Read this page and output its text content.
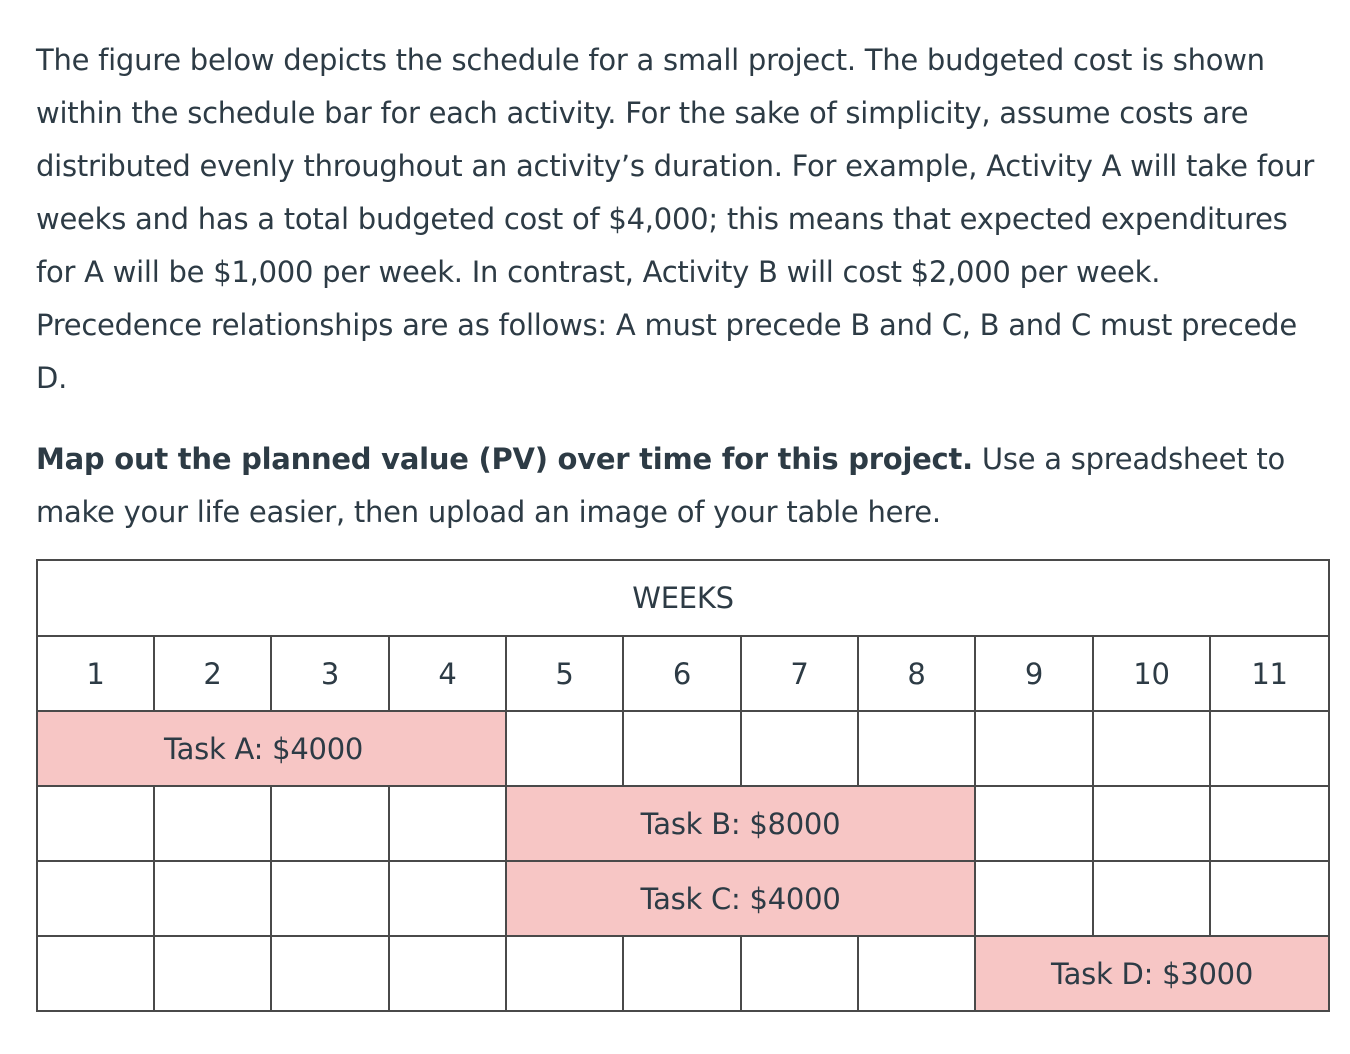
The figure below depicts the schedule for a small project. The budgeted cost is shown within the schedule bar for each activity. For the sake of simplicity, assume costs are distributed evenly throughout an activity’s duration. For example, Activity A will take four weeks and has a total budgeted cost of $4,000; this means that expected expenditures for A will be $1,000 per week. In contrast, Activity B will cost $2,000 per week. Precedence relationships are as follows: A must precede B and C, B and C must precede D.

Map out the planned value (PV) over time for this project. Use a spreadsheet to make your life easier, then upload an image of your table here.

WEEKS										
1	2	3	4	5	6	7	8	9	10	11
Task A: $4000										
				Task B: $8000						
				Task C: $4000						
								Task D: $3000		
